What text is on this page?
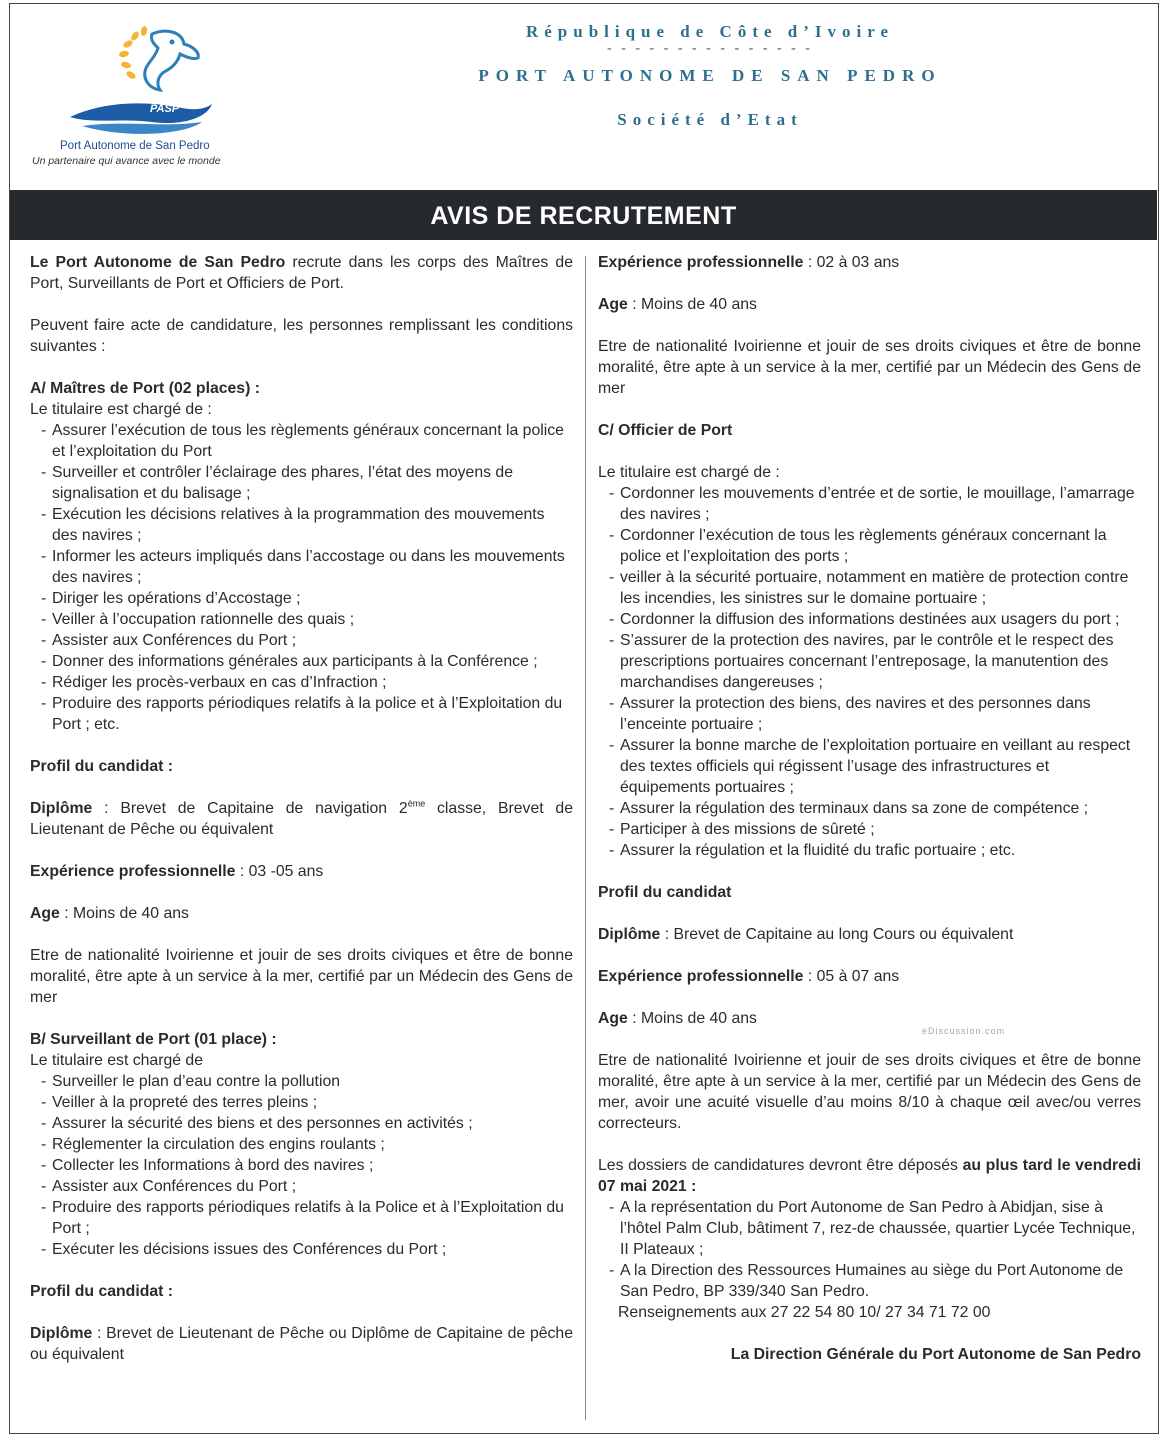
PASP
Port Autonome de San Pedro
Un partenaire qui avance avec le monde
République de Côte d’Ivoire
- - - - - - - - - - - - - - -
PORT AUTONOME DE SAN PEDRO
Société d’Etat
AVIS DE RECRUTEMENT

Le Port Autonome de San Pedro recrute dans les corps des Maîtres de Port, Surveillants de Port et Officiers de Port.

Peuvent faire acte de candidature, les personnes remplissant les conditions suivantes :

A/ Maîtres de Port (02 places) :
Le titulaire est chargé de :
- Assurer l’exécution de tous les règlements généraux concernant la police et l’exploitation du Port
- Surveiller et contrôler l’éclairage des phares, l’état des moyens de signalisation et du balisage ;
- Exécution les décisions relatives à la programmation des mouvements des navires ;
- Informer les acteurs impliqués dans l’accostage ou dans les mouvements des navires ;
- Diriger les opérations d’Accostage ;
- Veiller à l’occupation rationnelle des quais ;
- Assister aux Conférences du Port ;
- Donner des informations générales aux participants à la Conférence ;
- Rédiger les procès-verbaux en cas d’Infraction ;
- Produire des rapports périodiques relatifs à la police et à l’Exploitation du Port ; etc.
Profil du candidat :

Diplôme : Brevet de Capitaine de navigation 2ème classe, Brevet de Lieutenant de Pêche ou équivalent

Expérience professionnelle : 03 -05 ans

Age : Moins de 40 ans

Etre de nationalité Ivoirienne et jouir de ses droits civiques et être de bonne moralité, être apte à un service à la mer, certifié par un Médecin des Gens de mer

B/ Surveillant de Port (01 place) :
Le titulaire est chargé de
- Surveiller le plan d’eau contre la pollution
- Veiller à la propreté des terres pleins ;
- Assurer la sécurité des biens et des personnes en activités ;
- Réglementer la circulation des engins roulants ;
- Collecter les Informations à bord des navires ;
- Assister aux Conférences du Port ;
- Produire des rapports périodiques relatifs à la Police et à l’Exploitation du Port ;
- Exécuter les décisions issues des Conférences du Port ;
Profil du candidat :

Diplôme : Brevet de Lieutenant de Pêche ou Diplôme de Capitaine de pêche ou équivalent

Expérience professionnelle : 02 à 03 ans

Age : Moins de 40 ans

Etre de nationalité Ivoirienne et jouir de ses droits civiques et être de bonne moralité, être apte à un service à la mer, certifié par un Médecin des Gens de mer

C/ Officier de Port
Le titulaire est chargé de :
- Cordonner les mouvements d’entrée et de sortie, le mouillage, l’amarrage des navires ;
- Cordonner l’exécution de tous les règlements généraux concernant la police et l’exploitation des ports ;
- veiller à la sécurité portuaire, notamment en matière de protection contre les incendies, les sinistres sur le domaine portuaire ;
- Cordonner la diffusion des informations destinées aux usagers du port ;
- S’assurer de la protection des navires, par le contrôle et le respect des prescriptions portuaires concernant l’entreposage, la manutention des marchandises dangereuses ;
- Assurer la protection des biens, des navires et des personnes dans l’enceinte portuaire ;
- Assurer la bonne marche de l’exploitation portuaire en veillant au respect des textes officiels qui régissent l’usage des infrastructures et équipements portuaires ;
- Assurer la régulation des terminaux dans sa zone de compétence ;
- Participer à des missions de sûreté ;
- Assurer la régulation et la fluidité du trafic portuaire ; etc.
Profil du candidat

Diplôme : Brevet de Capitaine au long Cours ou équivalent

Expérience professionnelle : 05 à 07 ans

Age : Moins de 40 ans

Etre de nationalité Ivoirienne et jouir de ses droits civiques et être de bonne moralité, être apte à un service à la mer, certifié par un Médecin des Gens de mer, avoir une acuité visuelle d’au moins 8/10 à chaque œil avec/ou verres correcteurs.

Les dossiers de candidatures devront être déposés au plus tard le vendredi 07 mai 2021 :

- A la représentation du Port Autonome de San Pedro à Abidjan, sise à l’hôtel Palm Club, bâtiment 7, rez-de chaussée, quartier Lycée Technique, II Plateaux ;
- A la Direction des Ressources Humaines au siège du Port Autonome de San Pedro, BP 339/340 San Pedro.
Renseignements aux 27 22 54 80 10/ 27 34 71 72 00
La Direction Générale du Port Autonome de San Pedro
eDiscussion.com
